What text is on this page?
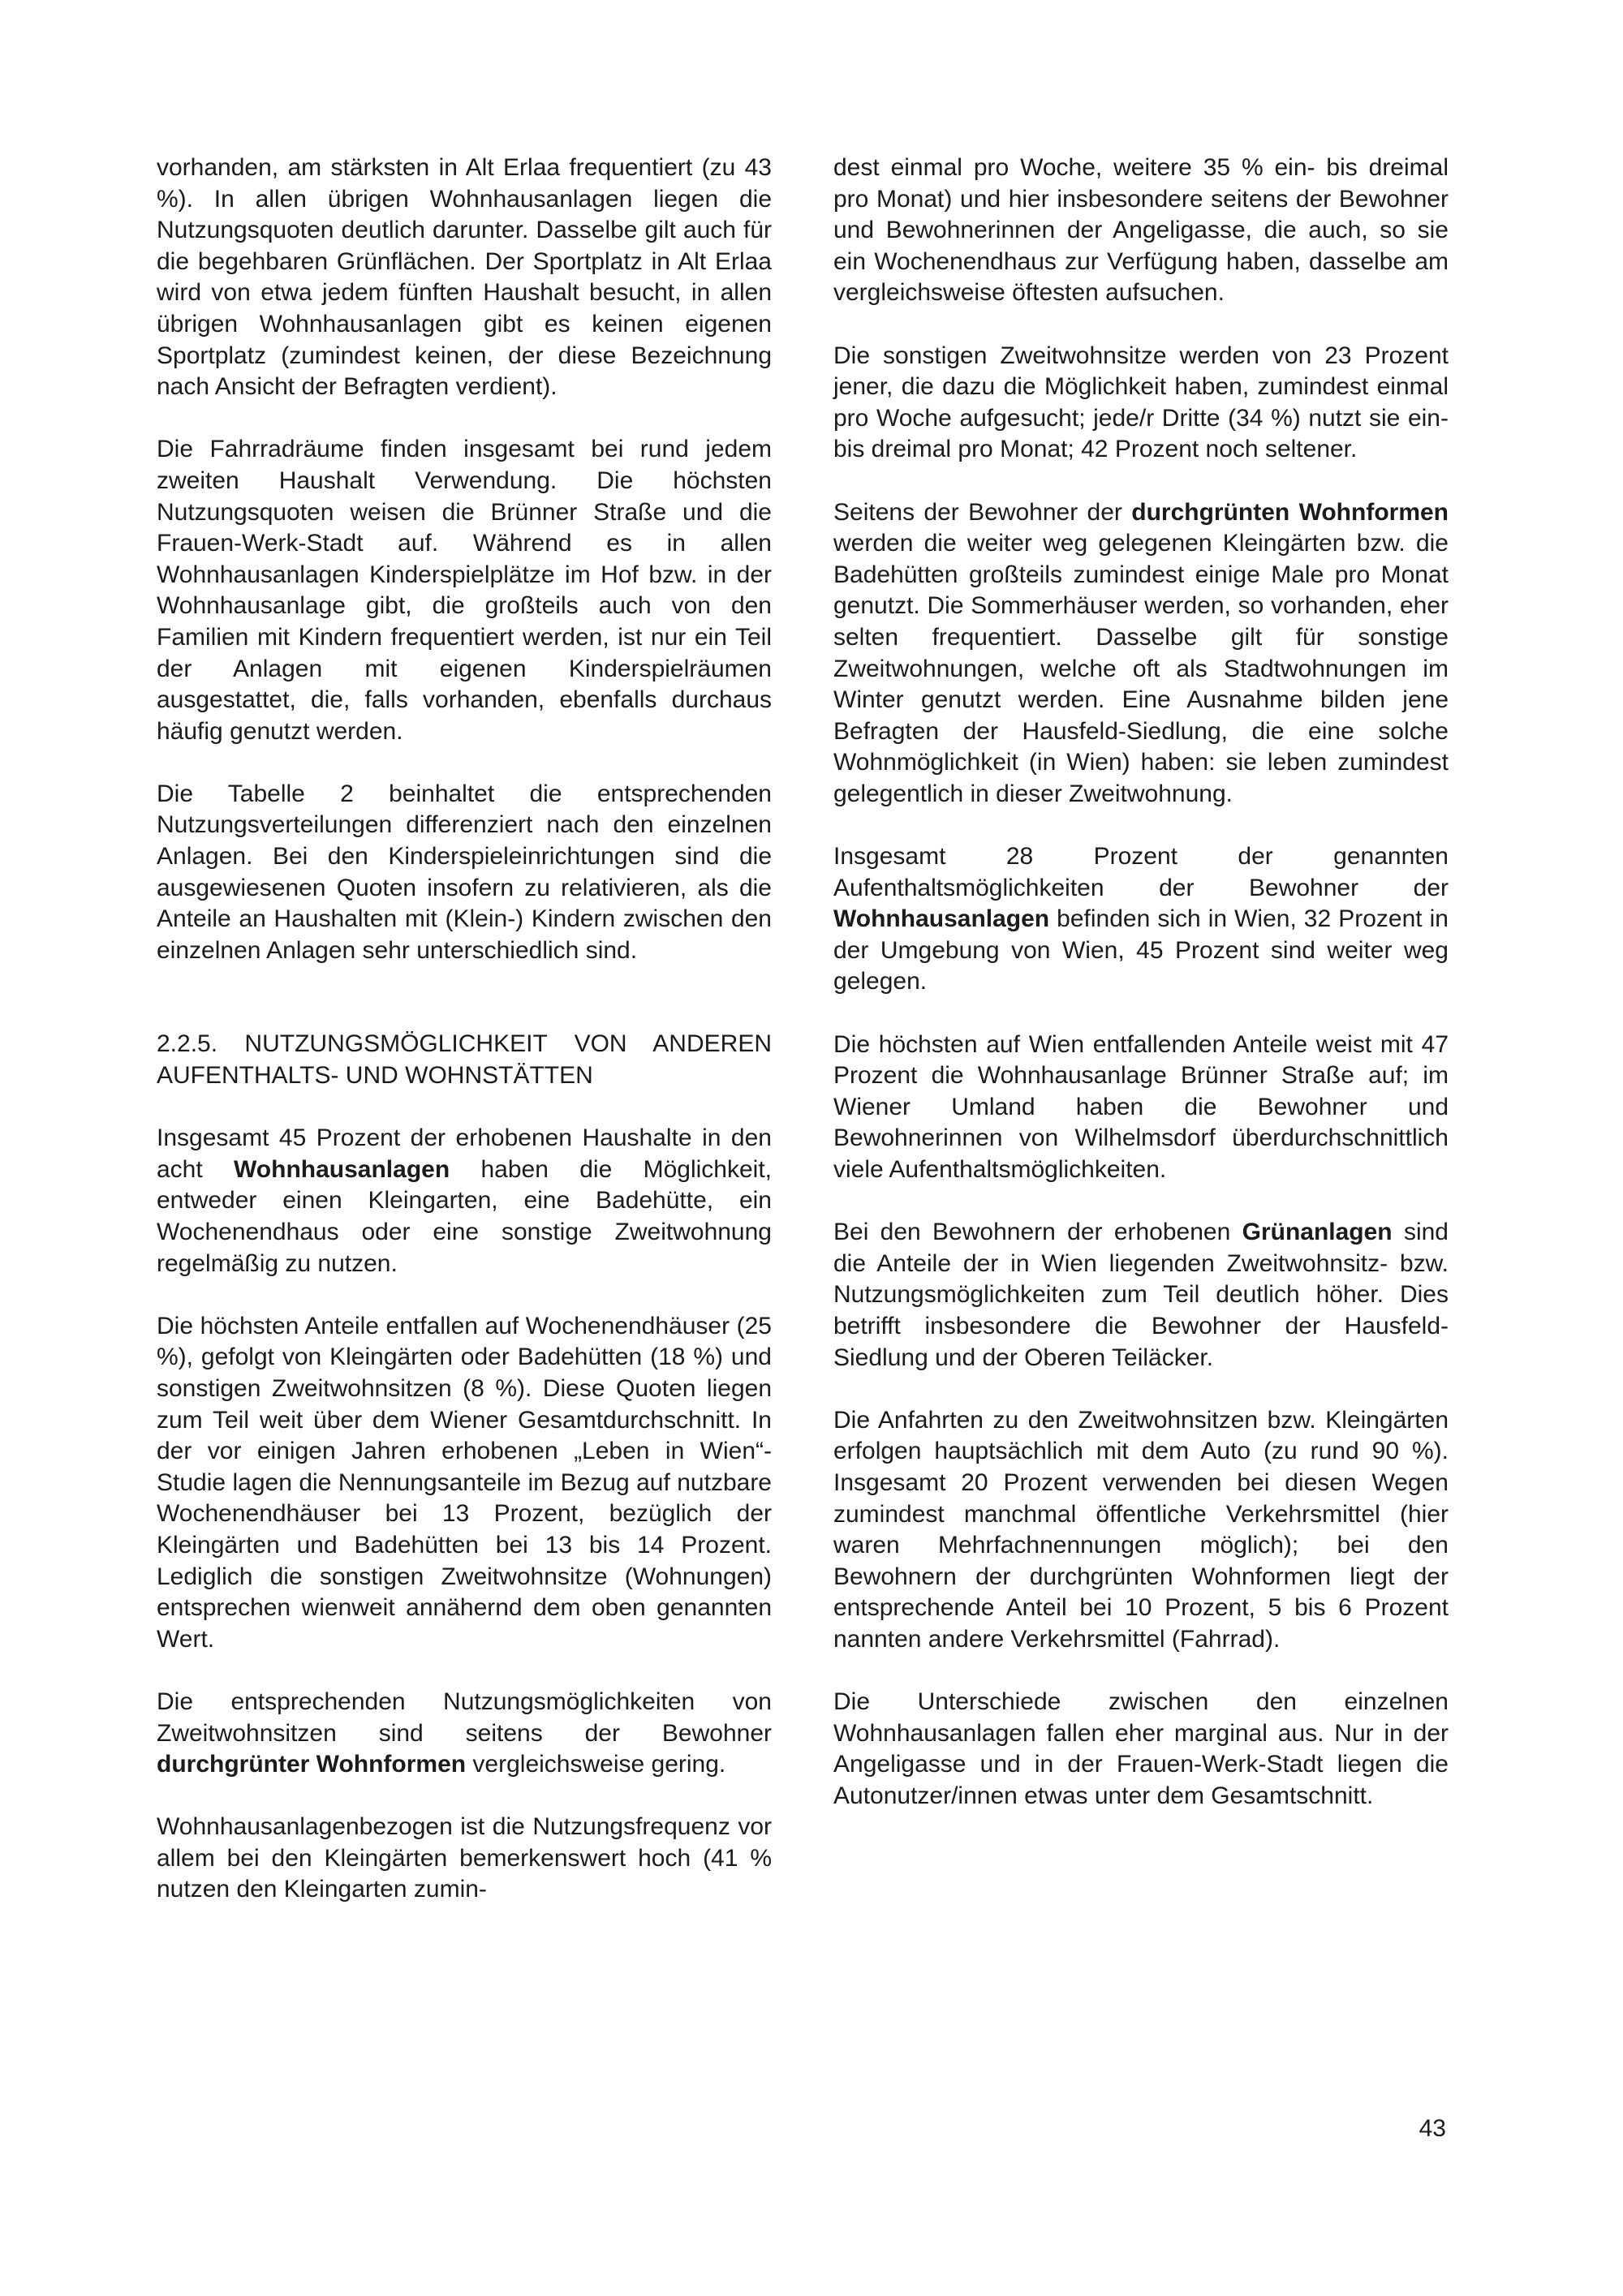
vorhanden, am stärksten in Alt Erlaa frequentiert (zu 43 %). In allen übrigen Wohnhausanlagen liegen die Nutzungsquoten deutlich darunter. Dasselbe gilt auch für die begehbaren Grünflächen. Der Sportplatz in Alt Erlaa wird von etwa jedem fünften Haushalt besucht, in allen übrigen Wohnhausanlagen gibt es keinen eigenen Sportplatz (zumindest keinen, der diese Bezeichnung nach Ansicht der Befragten verdient).

Die Fahrradräume finden insgesamt bei rund jedem zweiten Haushalt Verwendung. Die höchsten Nutzungsquoten weisen die Brünner Straße und die Frauen-Werk-Stadt auf. Während es in allen Wohnhausanlagen Kinderspielplätze im Hof bzw. in der Wohnhausanlage gibt, die großteils auch von den Familien mit Kindern frequentiert werden, ist nur ein Teil der Anlagen mit eigenen Kinderspielräumen ausgestattet, die, falls vorhanden, ebenfalls durchaus häufig genutzt werden.

Die Tabelle 2 beinhaltet die entsprechenden Nutzungsverteilungen differenziert nach den einzelnen Anlagen. Bei den Kinderspieleinrichtungen sind die ausgewiesenen Quoten insofern zu relativieren, als die Anteile an Haushalten mit (Klein-) Kindern zwischen den einzelnen Anlagen sehr unterschiedlich sind.

2.2.5. NUTZUNGSMÖGLICHKEIT VON ANDEREN AUFENTHALTS- UND WOHNSTÄTTEN

Insgesamt 45 Prozent der erhobenen Haushalte in den acht Wohnhausanlagen haben die Möglichkeit, entweder einen Kleingarten, eine Badehütte, ein Wochenendhaus oder eine sonstige Zweitwohnung regelmäßig zu nutzen.

Die höchsten Anteile entfallen auf Wochenendhäuser (25 %), gefolgt von Kleingärten oder Badehütten (18 %) und sonstigen Zweitwohnsitzen (8 %). Diese Quoten liegen zum Teil weit über dem Wiener Gesamtdurchschnitt. In der vor einigen Jahren erhobenen „Leben in Wien“-Studie lagen die Nennungsanteile im Bezug auf nutzbare Wochenendhäuser bei 13 Prozent, bezüglich der Kleingärten und Badehütten bei 13 bis 14 Prozent. Lediglich die sonstigen Zweitwohnsitze (Wohnungen) entsprechen wienweit annähernd dem oben genannten Wert.

Die entsprechenden Nutzungsmöglichkeiten von Zweitwohnsitzen sind seitens der Bewohner durchgrünter Wohnformen vergleichsweise gering.

Wohnhausanlagenbezogen ist die Nutzungsfrequenz vor allem bei den Kleingärten bemerkenswert hoch (41 % nutzen den Kleingarten zumin-

dest einmal pro Woche, weitere 35 % ein- bis dreimal pro Monat) und hier insbesondere seitens der Bewohner und Bewohnerinnen der Angeligasse, die auch, so sie ein Wochenendhaus zur Verfügung haben, dasselbe am vergleichsweise öftesten aufsuchen.

Die sonstigen Zweitwohnsitze werden von 23 Prozent jener, die dazu die Möglichkeit haben, zumindest einmal pro Woche aufgesucht; jede/r Dritte (34 %) nutzt sie ein- bis dreimal pro Monat; 42 Prozent noch seltener.

Seitens der Bewohner der durchgrünten Wohnformen werden die weiter weg gelegenen Kleingärten bzw. die Badehütten großteils zumindest einige Male pro Monat genutzt. Die Sommerhäuser werden, so vorhanden, eher selten frequentiert. Dasselbe gilt für sonstige Zweitwohnungen, welche oft als Stadtwohnungen im Winter genutzt werden. Eine Ausnahme bilden jene Befragten der Hausfeld-Siedlung, die eine solche Wohnmöglichkeit (in Wien) haben: sie leben zumindest gelegentlich in dieser Zweitwohnung.

Insgesamt 28 Prozent der genannten Aufenthaltsmöglichkeiten der Bewohner der Wohnhausanlagen befinden sich in Wien, 32 Prozent in der Umgebung von Wien, 45 Prozent sind weiter weg gelegen.

Die höchsten auf Wien entfallenden Anteile weist mit 47 Prozent die Wohnhausanlage Brünner Straße auf; im Wiener Umland haben die Bewohner und Bewohnerinnen von Wilhelmsdorf überdurchschnittlich viele Aufenthaltsmöglichkeiten.

Bei den Bewohnern der erhobenen Grünanlagen sind die Anteile der in Wien liegenden Zweitwohnsitz- bzw. Nutzungsmöglichkeiten zum Teil deutlich höher. Dies betrifft insbesondere die Bewohner der Hausfeld-Siedlung und der Oberen Teiläcker.

Die Anfahrten zu den Zweitwohnsitzen bzw. Kleingärten erfolgen hauptsächlich mit dem Auto (zu rund 90 %). Insgesamt 20 Prozent verwenden bei diesen Wegen zumindest manchmal öffentliche Verkehrsmittel (hier waren Mehrfachnennungen möglich); bei den Bewohnern der durchgrünten Wohnformen liegt der entsprechende Anteil bei 10 Prozent, 5 bis 6 Prozent nannten andere Verkehrsmittel (Fahrrad).

Die Unterschiede zwischen den einzelnen Wohnhausanlagen fallen eher marginal aus. Nur in der Angeligasse und in der Frauen-Werk-Stadt liegen die Autonutzer/innen etwas unter dem Gesamtschnitt.

43
